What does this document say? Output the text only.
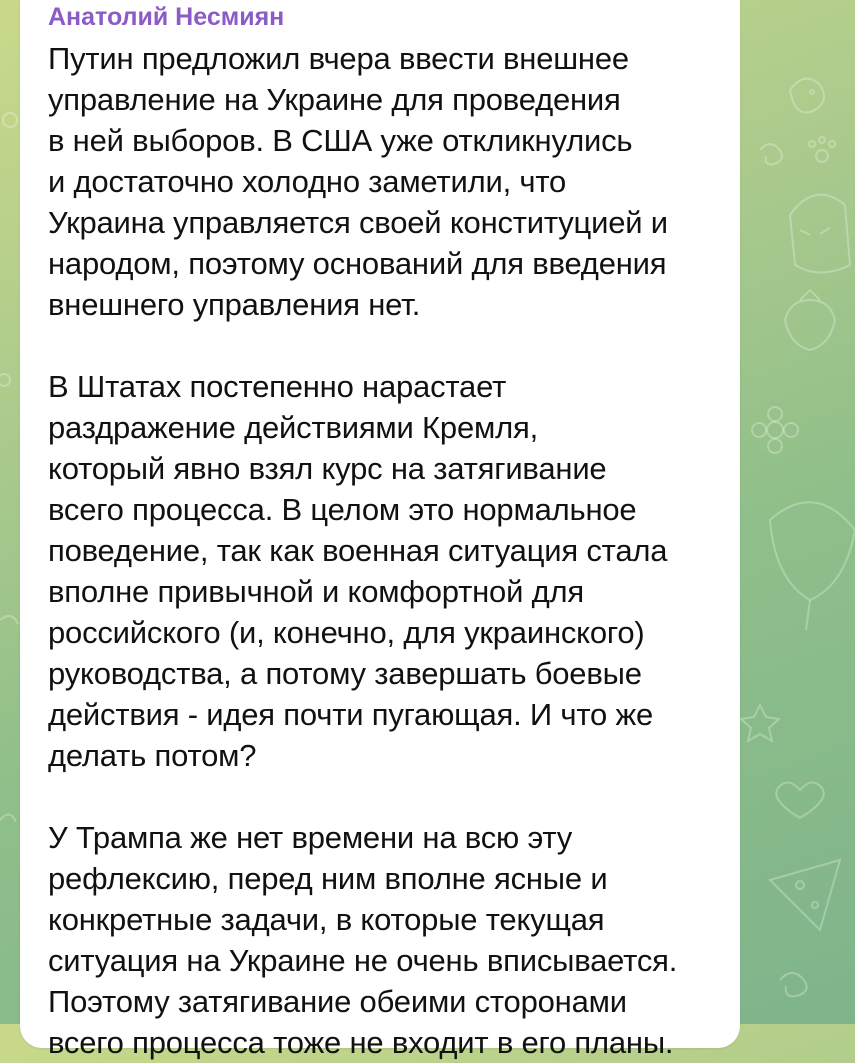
Анатолий Несмиян
Путин предложил вчера ввести внешнее
управление на Украине для проведения
в ней выборов. В США уже откликнулись
и достаточно холодно заметили, что
Украина управляется своей конституцией и
народом, поэтому оснований для введения
внешнего управления нет.
В Штатах постепенно нарастает
раздражение действиями Кремля,
который явно взял курс на затягивание
всего процесса. В целом это нормальное
поведение, так как военная ситуация стала
вполне привычной и комфортной для
российского (и, конечно, для украинского)
руководства, а потому завершать боевые
действия - идея почти пугающая. И что же
делать потом?
У Трампа же нет времени на всю эту
рефлексию, перед ним вполне ясные и
конкретные задачи, в которые текущая
ситуация на Украине не очень вписывается.
Поэтому затягивание обеими сторонами
всего процесса тоже не входит в его планы.
